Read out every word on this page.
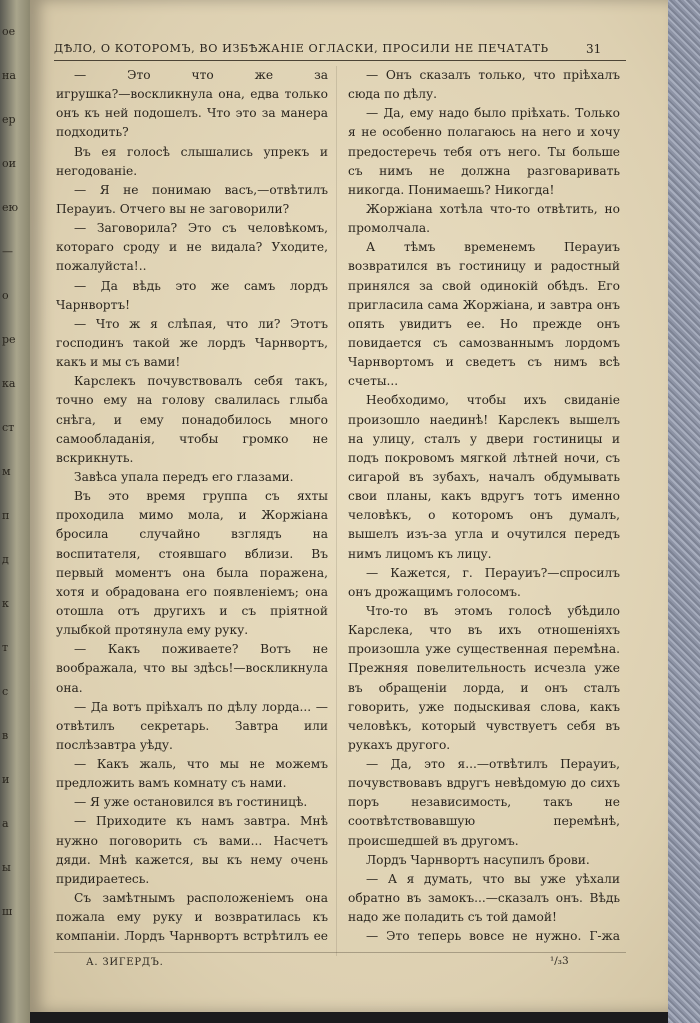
ое
на
ер
ои
ею
—
о
ре
ка
ст
м
п
д
к
т
с
в
и
а
ы
ш
ДѢЛО, О КОТОРОМЪ, ВО ИЗБѢЖАНІЕ ОГЛАСКИ, ПРОСИЛИ НЕ ПЕЧАТАТЬ	31
— Это что же за
игрушка?—воскликнула она, едва только
онъ къ ней подошелъ. Что это за манера
подходить?
Въ ея голосѣ слышались упрекъ и
негодованіе.
— Я не понимаю васъ,—отвѣтилъ
Перауиъ. Отчего вы не заговорили?
— Заговорила? Это съ человѣкомъ,
котораго сроду и не видала? Уходите,
пожалуйста!..
— Да вѣдь это же самъ лордъ
Чарнвортъ!
— Что ж я слѣпая, что ли? Этотъ
господинъ такой же лордъ Чарнвортъ,
какъ и мы съ вами!
Карслекъ почувствовалъ себя такъ,
точно ему на голову свалилась глыба
снѣга, и ему понадобилось много
самообладанія, чтобы громко не
вскрикнуть.
Завѣса упала передъ его глазами.
Въ это время группа съ яхты
проходила мимо мола, и Жоржіана
бросила случайно взглядъ на
воспитателя, стоявшаго вблизи. Въ
первый моментъ она была поражена,
хотя и обрадована его появленіемъ; она
отошла отъ другихъ и съ пріятной
улыбкой протянула ему руку.
— Какъ поживаете? Вотъ не
воображала, что вы здѣсь!—воскликнула
она.
— Да вотъ пріѣхалъ по дѣлу лорда... —
отвѣтилъ секретарь. Завтра или
послѣзавтра уѣду.
— Какъ жаль, что мы не можемъ
предложить вамъ комнату съ нами.
— Я уже остановился въ гостиницѣ.
— Приходите къ намъ завтра. Мнѣ
нужно поговорить съ вами... Насчетъ
дяди. Мнѣ кажется, вы къ нему очень
придираетесь.
Съ замѣтнымъ расположеніемъ она
пожала ему руку и возвратилась къ
компаніи. Лордъ Чарнвортъ встрѣтилъ ее
— Онъ сказалъ только, что пріѣхалъ
сюда по дѣлу.
— Да, ему надо было пріѣхать. Только
я не особенно полагаюсь на него и хочу
предостеречь тебя отъ него. Ты больше
съ нимъ не должна разговаривать
никогда. Понимаешь? Никогда!
Жоржіана хотѣла что-то отвѣтить, но
промолчала.
А тѣмъ временемъ Перауиъ
возвратился въ гостиницу и радостный
принялся за свой одинокій обѣдъ. Его
пригласила сама Жоржіана, и завтра онъ
опять увидитъ ее. Но прежде онъ
повидается съ самозваннымъ лордомъ
Чарнвортомъ и сведетъ съ нимъ всѣ
счеты...
Необходимо, чтобы ихъ свиданіе
произошло наединѣ! Карслекъ вышелъ
на улицу, сталъ у двери гостиницы и
подъ покровомъ мягкой лѣтней ночи, съ
сигарой въ зубахъ, началъ обдумывать
свои планы, какъ вдругъ тотъ именно
человѣкъ, о которомъ онъ думалъ,
вышелъ изъ-за угла и очутился передъ
нимъ лицомъ къ лицу.
— Кажется, г. Перауиъ?—спросилъ
онъ дрожащимъ голосомъ.
Что-то въ этомъ голосѣ убѣдило
Карслека, что въ ихъ отношеніяхъ
произошла уже существенная перемѣна.
Прежняя повелительность исчезла уже
въ обращеніи лорда, и онъ сталъ
говорить, уже подыскивая слова, какъ
человѣкъ, который чувствуетъ себя въ
рукахъ другого.
— Да, это я...—отвѣтилъ Перауиъ,
почувствовавъ вдругъ невѣдомую до сихъ
поръ независимость, такъ не
соотвѣтствовавшую перемѣнѣ,
происшедшей въ другомъ.
Лордъ Чарнвортъ насупилъ брови.
— А я думать, что вы уже уѣхали
обратно въ замокъ...—сказалъ онъ. Вѣдь
надо же поладить съ той дамой!
— Это теперь вовсе не нужно. Г-жа
А. ЗИГЕРДЪ.	¹/₃3
